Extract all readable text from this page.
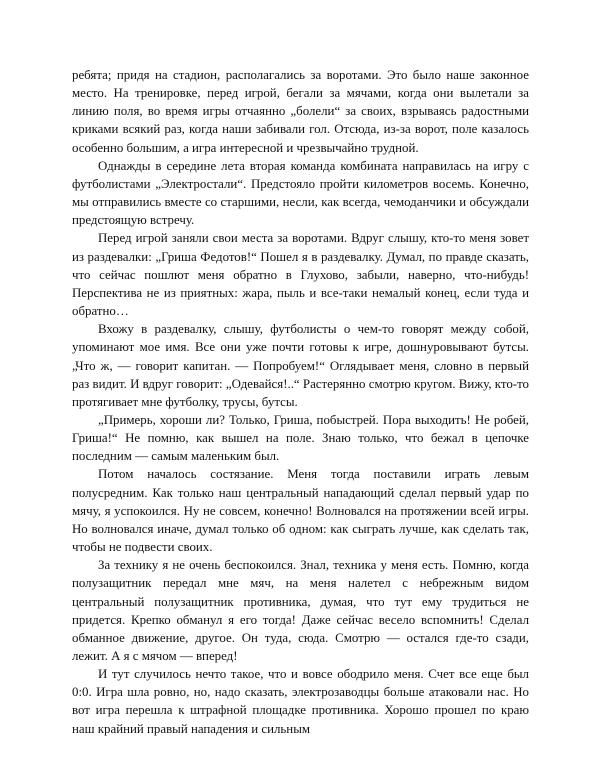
ребята; придя на стадион, располагались за воротами. Это было наше законное место. На тренировке, перед игрой, бегали за мячами, когда они вылетали за линию поля, во время игры отчаянно „болели“ за своих, взрываясь радостными криками всякий раз, когда наши забивали гол. Отсюда, из-за ворот, поле казалось особенно большим, а игра интересной и чрезвычайно трудной.

Однажды в середине лета вторая команда комбината направилась на игру с футболистами „Электростали“. Предстояло пройти километров восемь. Конечно, мы отправились вместе со старшими, несли, как всегда, чемоданчики и обсуждали предстоящую встречу.

Перед игрой заняли свои места за воротами. Вдруг слышу, кто-то меня зовет из раздевалки: „Гриша Федотов!“ Пошел я в раздевалку. Думал, по правде сказать, что сейчас пошлют меня обратно в Глухово, забыли, наверно, что-нибудь! Перспектива не из приятных: жара, пыль и все-таки немалый конец, если туда и обратно…

Вхожу в раздевалку, слышу, футболисты о чем-то говорят между собой, упоминают мое имя. Все они уже почти готовы к игре, дошнуровывают бутсы. „Что ж, — говорит капитан. — Попробуем!“ Оглядывает меня, словно в первый раз видит. И вдруг говорит: „Одевайся!..“ Растерянно смотрю кругом. Вижу, кто-то протягивает мне футболку, трусы, бутсы.

„Примерь, хороши ли? Только, Гриша, побыстрей. Пора выходить! Не робей, Гриша!“ Не помню, как вышел на поле. Знаю только, что бежал в цепочке последним — самым маленьким был.

Потом началось состязание. Меня тогда поставили играть левым полусредним. Как только наш центральный нападающий сделал первый удар по мячу, я успокоился. Ну не совсем, конечно! Волновался на протяжении всей игры. Но волновался иначе, думал только об одном: как сыграть лучше, как сделать так, чтобы не подвести своих.

За технику я не очень беспокоился. Знал, техника у меня есть. Помню, когда полузащитник передал мне мяч, на меня налетел с небрежным видом центральный полузащитник противника, думая, что тут ему трудиться не придется. Крепко обманул я его тогда! Даже сейчас весело вспомнить! Сделал обманное движение, другое. Он туда, сюда. Смотрю — остался где-то сзади, лежит. А я с мячом — вперед!

И тут случилось нечто такое, что и вовсе ободрило меня. Счет все еще был 0:0. Игра шла ровно, но, надо сказать, электрозаводцы больше атаковали нас. Но вот игра перешла к штрафной площадке противника. Хорошо прошел по краю наш крайний правый нападения и сильным
